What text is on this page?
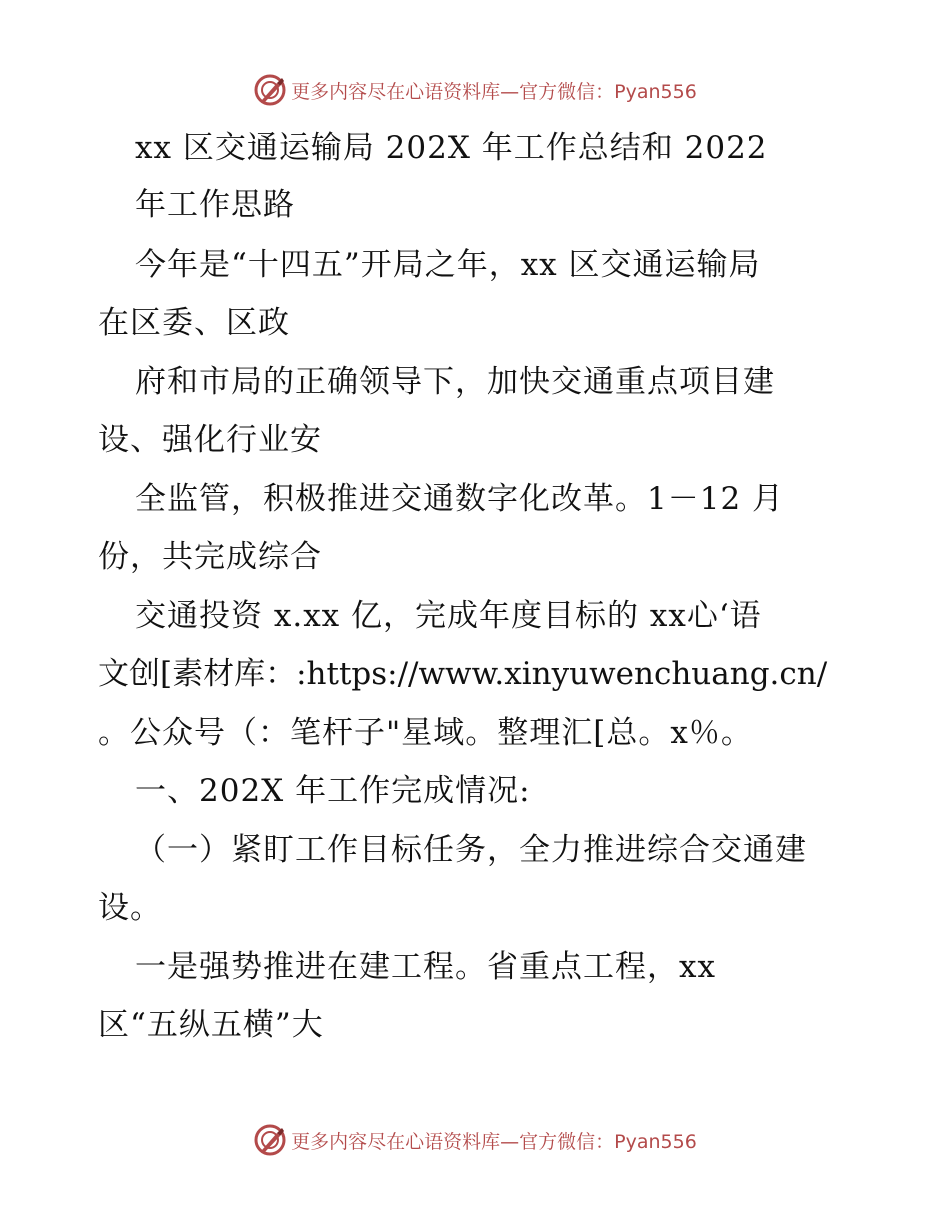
更多内容尽在心语资料库—官方微信：Pyan556
xx 区交通运输局 202X 年工作总结和 2022
年工作思路
今年是“十四五”开局之年，xx 区交通运输局
在区委、区政
府和市局的正确领导下，加快交通重点项目建
设、强化行业安
全监管，积极推进交通数字化改革。1－12 月
份，共完成综合
交通投资 x.xx 亿，完成年度目标的 xx心‘语
文创[素材库：:https://www.xinyuwenchuang.cn/
。公众号（：笔杆子"星域。整理汇[总。x％。
一、202X 年工作完成情况:
（一）紧盯工作目标任务，全力推进综合交通建
设。
一是强势推进在建工程。省重点工程，xx
区“五纵五横”大
更多内容尽在心语资料库—官方微信：Pyan556
